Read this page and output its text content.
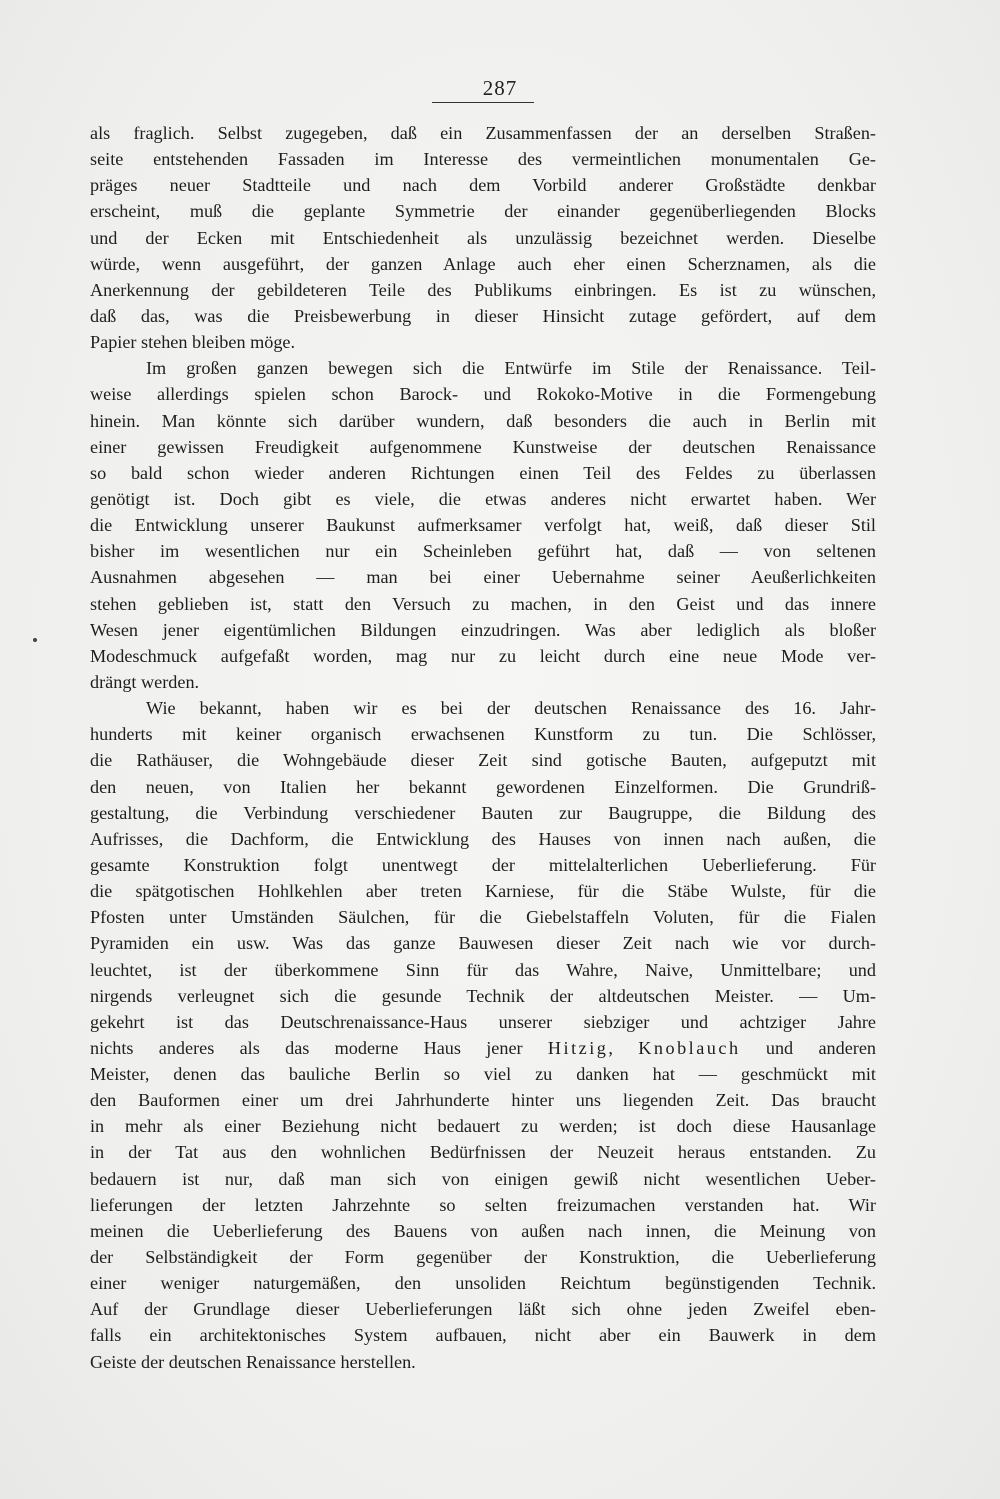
287
als fraglich. Selbst zugegeben, daß ein Zusammenfassen der an derselben Straßen-
seite entstehenden Fassaden im Interesse des vermeintlichen monumentalen Ge-
präges neuer Stadtteile und nach dem Vorbild anderer Großstädte denkbar
erscheint, muß die geplante Symmetrie der einander gegenüberliegenden Blocks
und der Ecken mit Entschiedenheit als unzulässig bezeichnet werden. Dieselbe
würde, wenn ausgeführt, der ganzen Anlage auch eher einen Scherznamen, als die
Anerkennung der gebildeteren Teile des Publikums einbringen. Es ist zu wünschen,
daß das, was die Preisbewerbung in dieser Hinsicht zutage gefördert, auf dem
Papier stehen bleiben möge.
Im großen ganzen bewegen sich die Entwürfe im Stile der Renaissance. Teil-
weise allerdings spielen schon Barock- und Rokoko-Motive in die Formengebung
hinein. Man könnte sich darüber wundern, daß besonders die auch in Berlin mit
einer gewissen Freudigkeit aufgenommene Kunstweise der deutschen Renaissance
so bald schon wieder anderen Richtungen einen Teil des Feldes zu überlassen
genötigt ist. Doch gibt es viele, die etwas anderes nicht erwartet haben. Wer
die Entwicklung unserer Baukunst aufmerksamer verfolgt hat, weiß, daß dieser Stil
bisher im wesentlichen nur ein Scheinleben geführt hat, daß — von seltenen
Ausnahmen abgesehen — man bei einer Uebernahme seiner Aeußerlichkeiten
stehen geblieben ist, statt den Versuch zu machen, in den Geist und das innere
Wesen jener eigentümlichen Bildungen einzudringen. Was aber lediglich als bloßer
Modeschmuck aufgefaßt worden, mag nur zu leicht durch eine neue Mode ver-
drängt werden.
Wie bekannt, haben wir es bei der deutschen Renaissance des 16. Jahr-
hunderts mit keiner organisch erwachsenen Kunstform zu tun. Die Schlösser,
die Rathäuser, die Wohngebäude dieser Zeit sind gotische Bauten, aufgeputzt mit
den neuen, von Italien her bekannt gewordenen Einzelformen. Die Grundriß-
gestaltung, die Verbindung verschiedener Bauten zur Baugruppe, die Bildung des
Aufrisses, die Dachform, die Entwicklung des Hauses von innen nach außen, die
gesamte Konstruktion folgt unentwegt der mittelalterlichen Ueberlieferung. Für
die spätgotischen Hohlkehlen aber treten Karniese, für die Stäbe Wulste, für die
Pfosten unter Umständen Säulchen, für die Giebelstaffeln Voluten, für die Fialen
Pyramiden ein usw. Was das ganze Bauwesen dieser Zeit nach wie vor durch-
leuchtet, ist der überkommene Sinn für das Wahre, Naive, Unmittelbare; und
nirgends verleugnet sich die gesunde Technik der altdeutschen Meister. — Um-
gekehrt ist das Deutschrenaissance-Haus unserer siebziger und achtziger Jahre
nichts anderes als das moderne Haus jener Hitzig, Knoblauch und anderen
Meister, denen das bauliche Berlin so viel zu danken hat — geschmückt mit
den Bauformen einer um drei Jahrhunderte hinter uns liegenden Zeit. Das braucht
in mehr als einer Beziehung nicht bedauert zu werden; ist doch diese Hausanlage
in der Tat aus den wohnlichen Bedürfnissen der Neuzeit heraus entstanden. Zu
bedauern ist nur, daß man sich von einigen gewiß nicht wesentlichen Ueber-
lieferungen der letzten Jahrzehnte so selten freizumachen verstanden hat. Wir
meinen die Ueberlieferung des Bauens von außen nach innen, die Meinung von
der Selbständigkeit der Form gegenüber der Konstruktion, die Ueberlieferung
einer weniger naturgemäßen, den unsoliden Reichtum begünstigenden Technik.
Auf der Grundlage dieser Ueberlieferungen läßt sich ohne jeden Zweifel eben-
falls ein architektonisches System aufbauen, nicht aber ein Bauwerk in dem
Geiste der deutschen Renaissance herstellen.
